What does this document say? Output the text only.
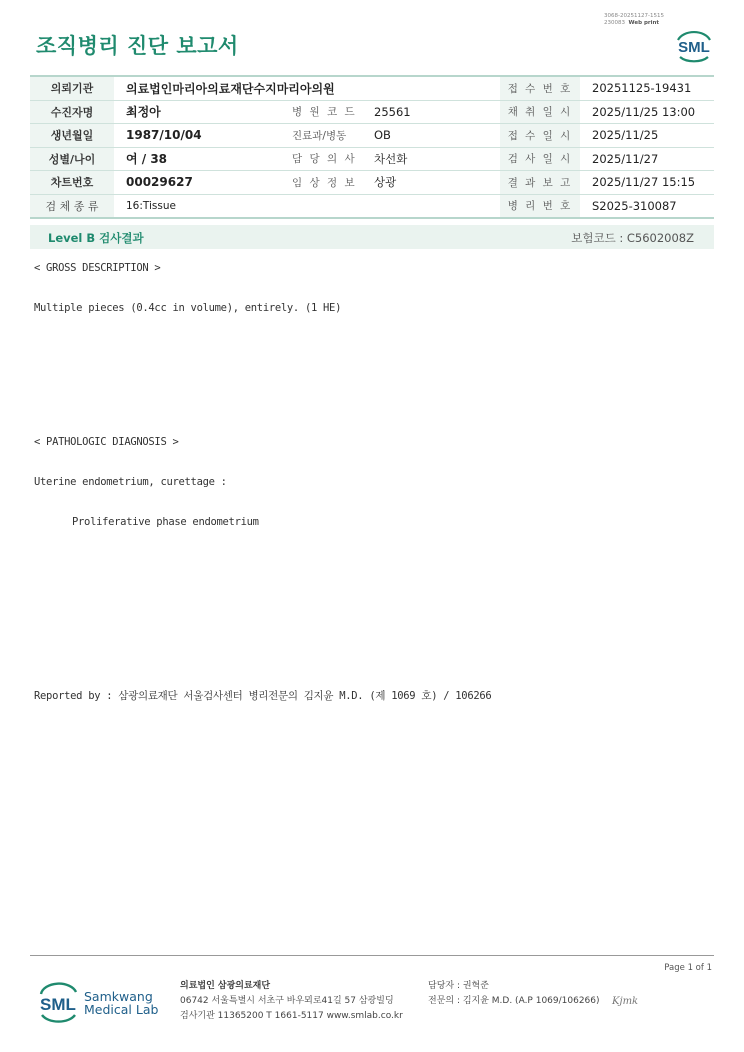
조직병리 진단 보고서
3068-20251127-1515
230083 Web print
SML
의뢰기관	의료법인마리아의료재단수지마리아의원			접 수 번 호	20251125-19431
수진자명	최정아	병 원 코 드	25561	채 취 일 시	2025/11/25 13:00
생년월일	1987/10/04	진료과/병동	OB	접 수 일 시	2025/11/25
성별/나이	여 / 38	담 당 의 사	차선화	검 사 일 시	2025/11/27
차트번호	00029627	임 상 정 보	상광	결 과 보 고	2025/11/27 15:15
검 체 종 류	16:Tissue			병 리 번 호	S2025-310087
Level B 검사결과	보험코드 : C5602008Z
< GROSS DESCRIPTION >
Multiple pieces (0.4cc in volume), entirely. (1 HE)
< PATHOLOGIC DIAGNOSIS >
Uterine endometrium, curettage :
Proliferative phase endometrium
Reported by : 삼광의료재단 서울검사센터 병리전문의 김지윤 M.D. (제 1069 호) / 106266
Page 1 of 1
SML Samkwang
Medical Lab
의료법인 삼광의료재단
06742 서울특별시 서초구 바우뫼로41길 57 삼광빌딩
검사기관 11365200 T 1661-5117 www.smlab.co.kr
담당자 : 권혁준
전문의 : 김지윤 M.D. (A.P 1069/106266) Kjmk
